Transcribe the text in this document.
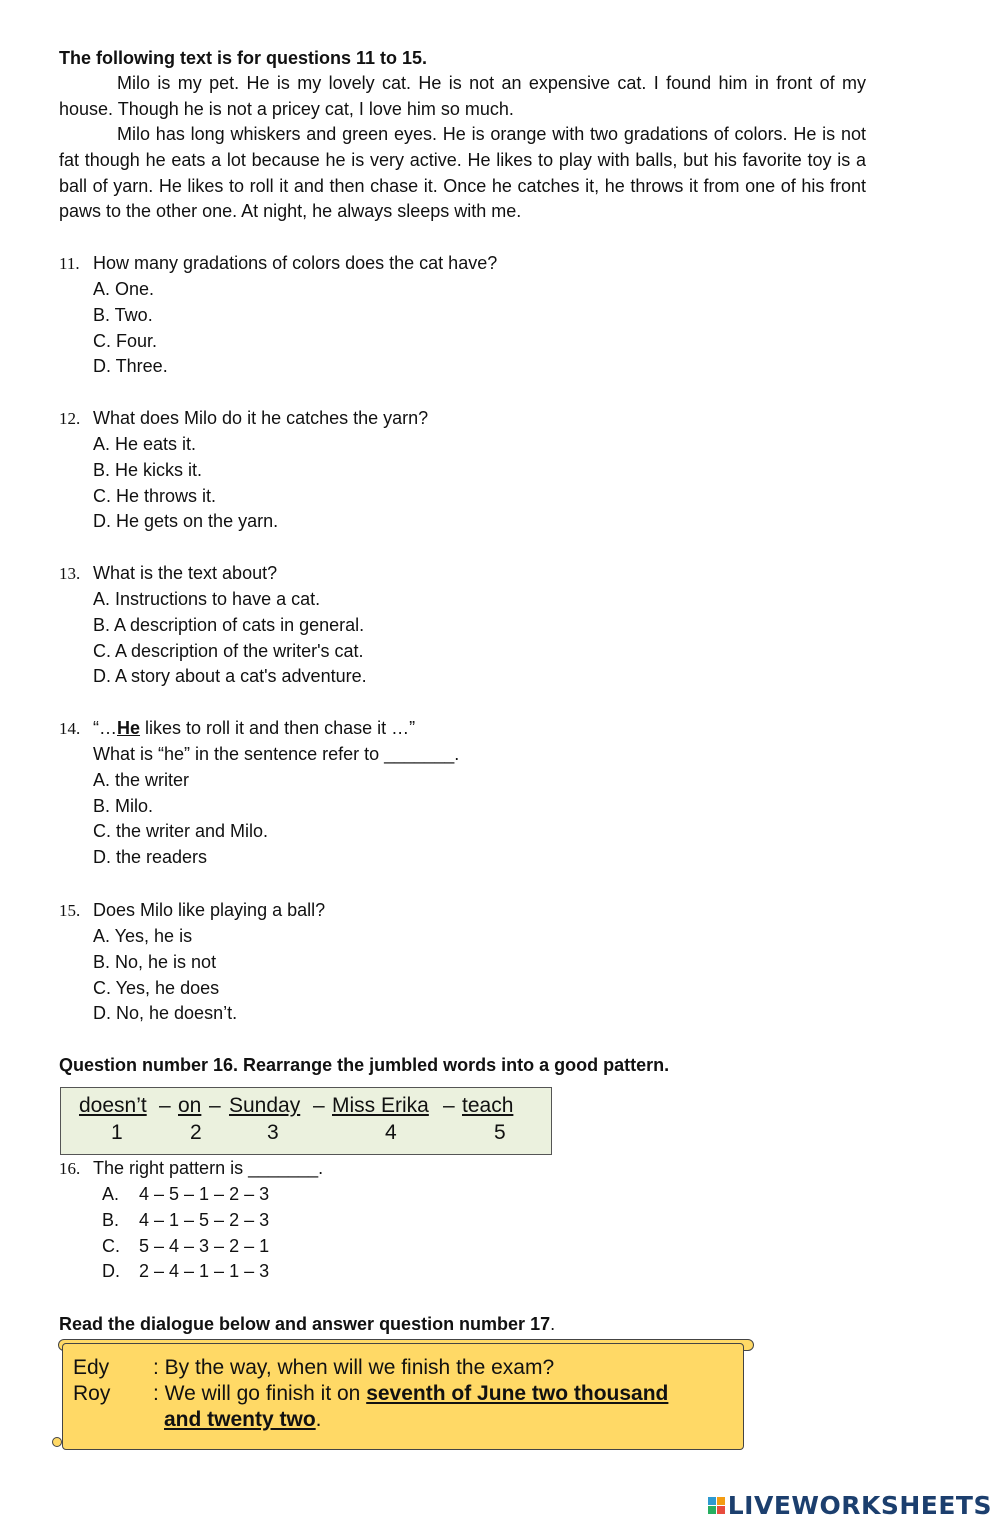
The following text is for questions 11 to 15.
Milo is my pet. He is my lovely cat. He is not an expensive cat. I found him in front of my house. Though he is not a pricey cat, I love him so much.
Milo has long whiskers and green eyes. He is orange with two gradations of colors. He is not fat though he eats a lot because he is very active. He likes to play with balls, but his favorite toy is a ball of yarn. He likes to roll it and then chase it. Once he catches it, he throws it from one of his front paws to the other one. At night, he always sleeps with me.
11. How many gradations of colors does the cat have?
A. One.
B. Two.
C. Four.
D. Three.
12. What does Milo do it he catches the yarn?
A. He eats it.
B. He kicks it.
C. He throws it.
D. He gets on the yarn.
13. What is the text about?
A. Instructions to have a cat.
B. A description of cats in general.
C. A description of the writer's cat.
D. A story about a cat's adventure.
14. “…He likes to roll it and then chase it …”
What is “he” in the sentence refer to _______.
A. the writer
B. Milo.
C. the writer and Milo.
D. the readers
15. Does Milo like playing a ball?
A. Yes, he is
B. No, he is not
C. Yes, he does
D. No, he doesn’t.
Question number 16. Rearrange the jumbled words into a good pattern.
doesn’t – on – Sunday – Miss Erika – teach
1	2	3	4	5
16. The right pattern is _______.
A. 4 – 5 – 1 – 2 – 3
B. 4 – 1 – 5 – 2 – 3
C. 5 – 4 – 3 – 2 – 1
D. 2 – 4 – 1 – 1 – 3
Read the dialogue below and answer question number 17.
Edy : By the way, when will we finish the exam?
Roy : We will go finish it on seventh of June two thousand
and twenty two.
LIVEWORKSHEETS
